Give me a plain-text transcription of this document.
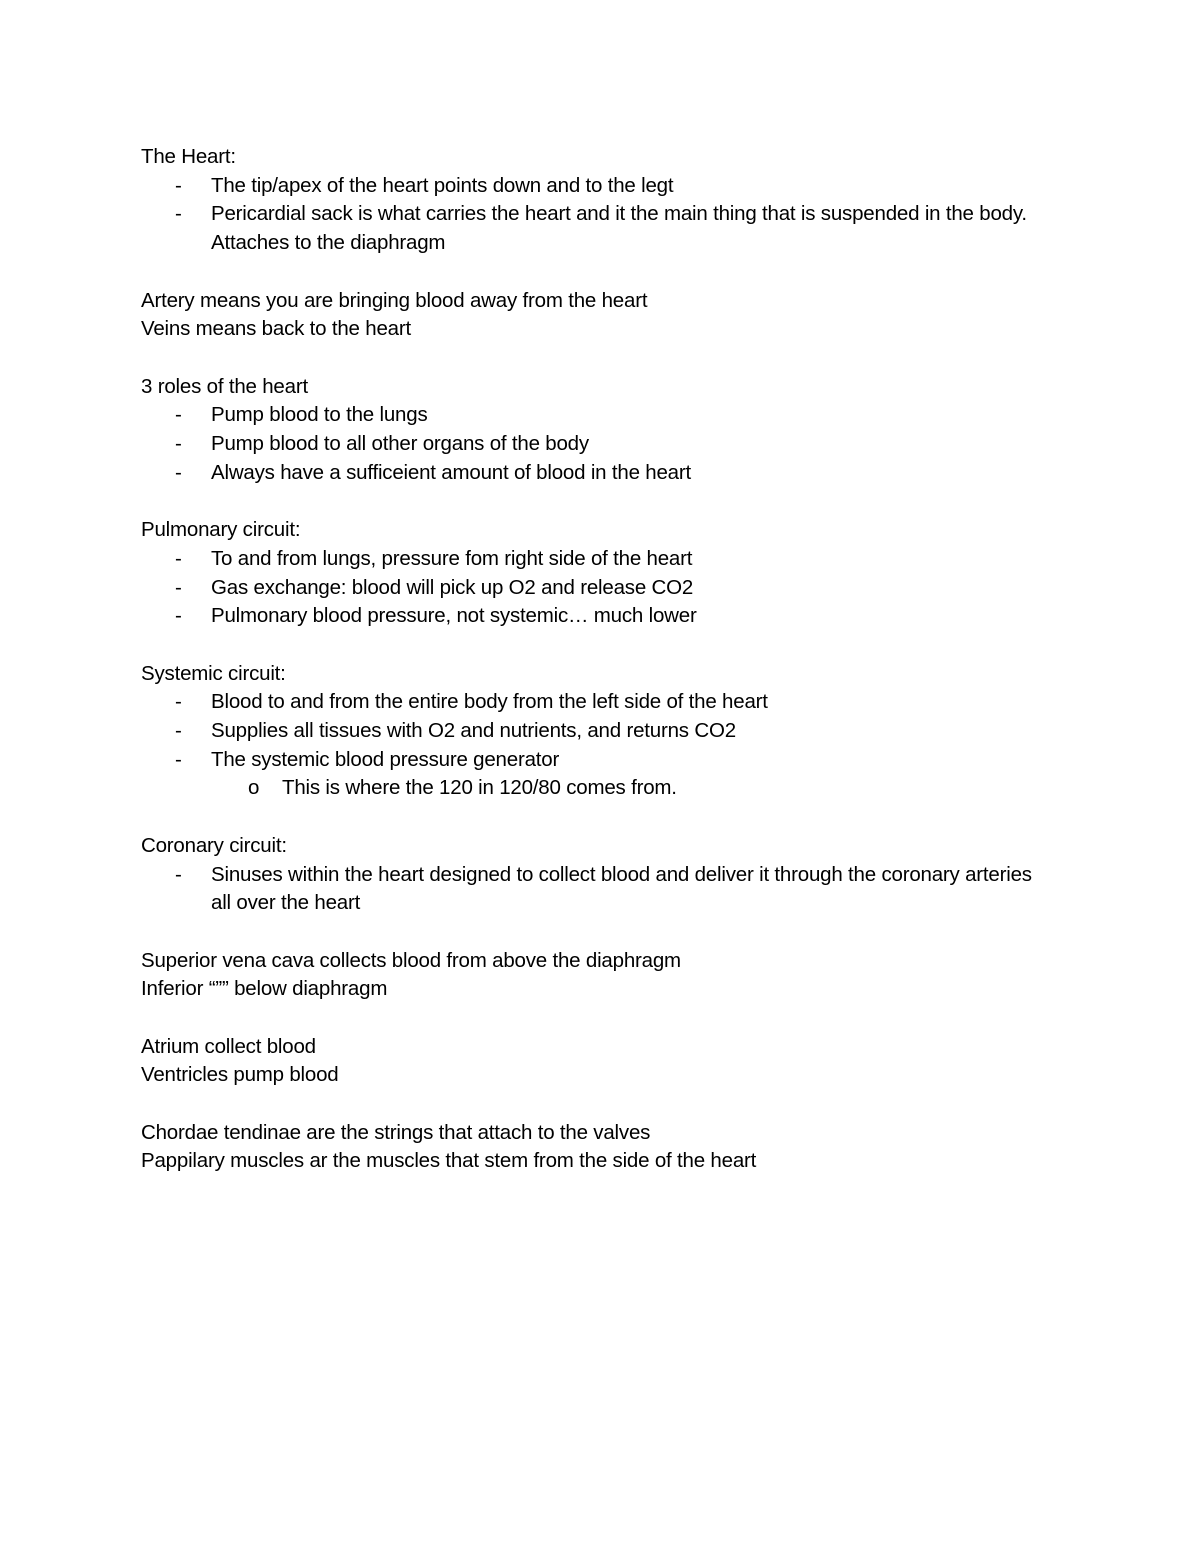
The Heart:

- The tip/apex of the heart points down and to the legt
- Pericardial sack is what carries the heart and it the main thing that is suspended in the body. Attaches to the diaphragm

Artery means you are bringing blood away from the heart

Veins means back to the heart

3 roles of the heart

- Pump blood to the lungs
- Pump blood to all other organs of the body
- Always have a sufficeient amount of blood in the heart

Pulmonary circuit:

- To and from lungs, pressure fom right side of the heart
- Gas exchange: blood will pick up O2 and release CO2
- Pulmonary blood pressure, not systemic… much lower

Systemic circuit:

- Blood to and from the entire body from the left side of the heart
- Supplies all tissues with O2 and nutrients, and returns CO2
- The systemic blood pressure generator
o This is where the 120 in 120/80 comes from.

Coronary circuit:

- Sinuses within the heart designed to collect blood and deliver it through the coronary arteries all over the heart

Superior vena cava collects blood from above the diaphragm

Inferior “”” below diaphragm

Atrium collect blood

Ventricles pump blood

Chordae tendinae are the strings that attach to the valves

Pappilary muscles ar the muscles that stem from the side of the heart
